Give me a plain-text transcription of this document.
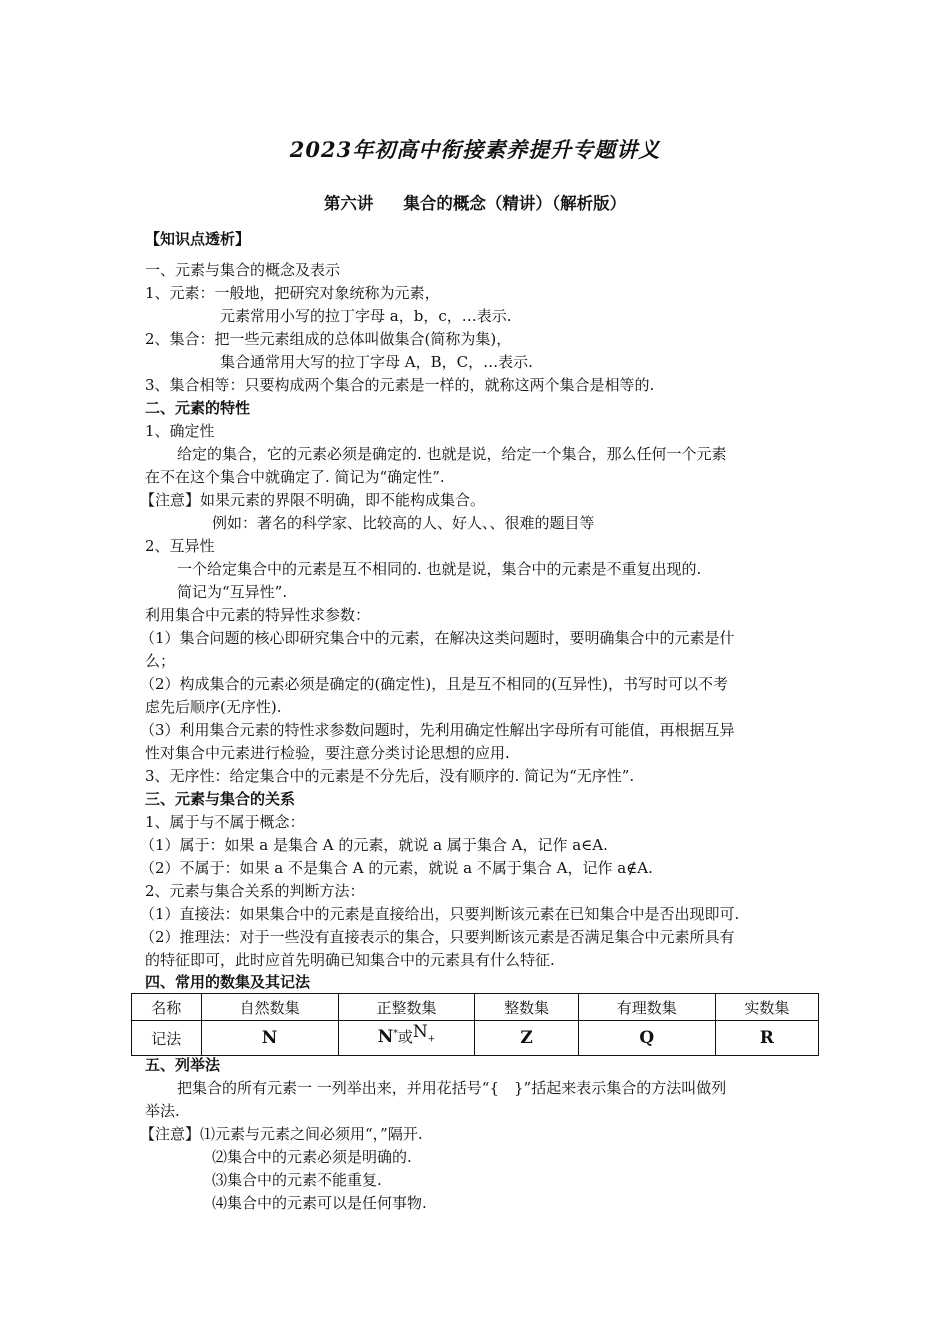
2023年初高中衔接素养提升专题讲义
第六讲 集合的概念（精讲）（解析版）
【知识点透析】
一、元素与集合的概念及表示
1、元素：一般地，把研究对象统称为元素，
元素常用小写的拉丁字母 a，b，c，…表示.
2、集合：把一些元素组成的总体叫做集合(简称为集)，
集合通常用大写的拉丁字母 A，B，C，…表示.
3、集合相等：只要构成两个集合的元素是一样的，就称这两个集合是相等的.
二、元素的特性
1、确定性
给定的集合，它的元素必须是确定的. 也就是说，给定一个集合，那么任何一个元素
在不在这个集合中就确定了. 简记为“确定性”.
【注意】如果元素的界限不明确，即不能构成集合。
例如：著名的科学家、比较高的人、好人、、很难的题目等
2、互异性
一个给定集合中的元素是互不相同的. 也就是说，集合中的元素是不重复出现的.
简记为“互异性”.
利用集合中元素的特异性求参数：
（1）集合问题的核心即研究集合中的元素，在解决这类问题时，要明确集合中的元素是什
么；
（2）构成集合的元素必须是确定的(确定性)，且是互不相同的(互异性)，书写时可以不考
虑先后顺序(无序性).
（3）利用集合元素的特性求参数问题时，先利用确定性解出字母所有可能值，再根据互异
性对集合中元素进行检验，要注意分类讨论思想的应用.
3、无序性：给定集合中的元素是不分先后，没有顺序的. 简记为“无序性”.
三、元素与集合的关系
1、属于与不属于概念：
（1）属于：如果 a 是集合 A 的元素，就说 a 属于集合 A，记作 a∈A.
（2）不属于：如果 a 不是集合 A 的元素，就说 a 不属于集合 A，记作 a∉A.
2、元素与集合关系的判断方法：
（1）直接法：如果集合中的元素是直接给出，只要判断该元素在已知集合中是否出现即可.
（2）推理法：对于一些没有直接表示的集合，只要判断该元素是否满足集合中元素所具有
的特征即可，此时应首先明确已知集合中的元素具有什么特征.
四、常用的数集及其记法
名称	自然数集	正整数集	整数集	有理数集	实数集
记法	N	N*或$N_+$	Z	Q	R
五、列举法
把集合的所有元素一 一列举出来，并用花括号“{　}”括起来表示集合的方法叫做列
举法.
【注意】⑴元素与元素之间必须用“，”隔开.
⑵集合中的元素必须是明确的.
⑶集合中的元素不能重复.
⑷集合中的元素可以是任何事物.
